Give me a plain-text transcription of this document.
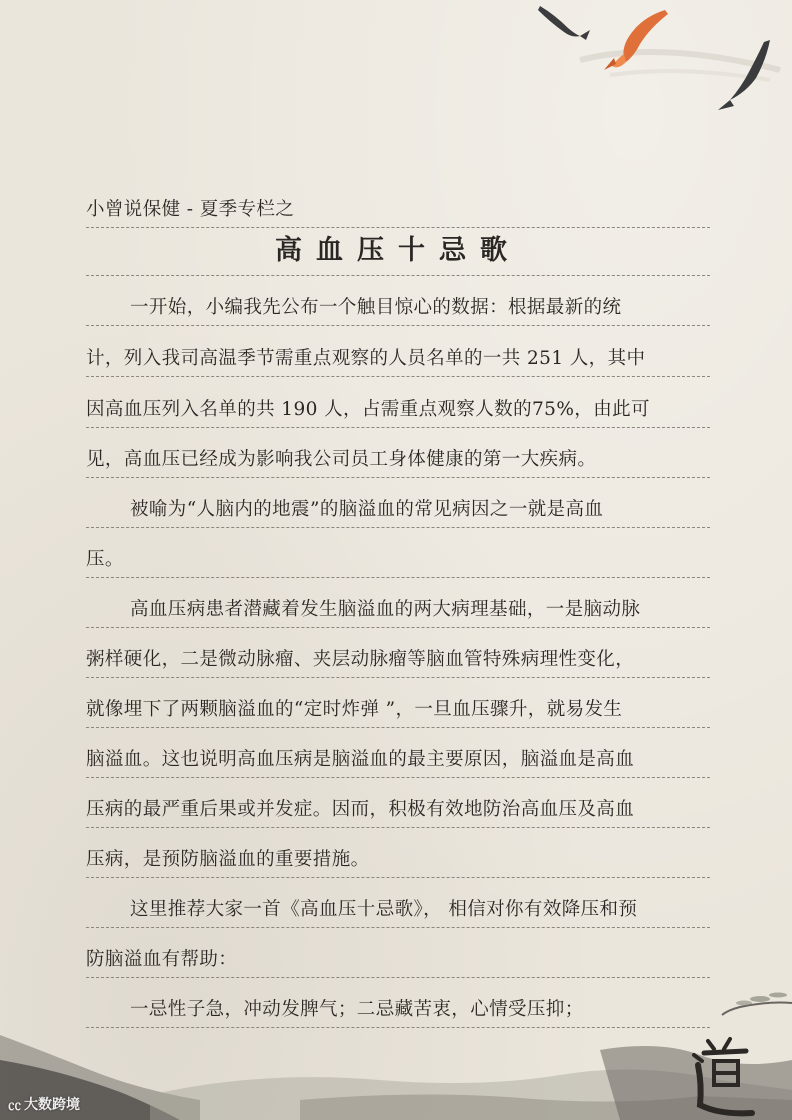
㏄ 大数跨境
小曾说保健 - 夏季专栏之
高血压十忌歌
一开始，小编我先公布一个触目惊心的数据：根据最新的统
计，列入我司高温季节需重点观察的人员名单的一共 251 人，其中
因高血压列入名单的共 190 人，占需重点观察人数的75%，由此可
见，高血压已经成为影响我公司员工身体健康的第一大疾病。
被喻为“人脑内的地震”的脑溢血的常见病因之一就是高血
压。
高血压病患者潜藏着发生脑溢血的两大病理基础，一是脑动脉
粥样硬化，二是微动脉瘤、夹层动脉瘤等脑血管特殊病理性变化，
就像埋下了两颗脑溢血的“定时炸弹 ”，一旦血压骤升，就易发生
脑溢血。这也说明高血压病是脑溢血的最主要原因，脑溢血是高血
压病的最严重后果或并发症。因而，积极有效地防治高血压及高血
压病，是预防脑溢血的重要措施。
这里推荐大家一首《高血压十忌歌》， 相信对你有效降压和预
防脑溢血有帮助：
一忌性子急，冲动发脾气；二忌藏苦衷，心情受压抑；
